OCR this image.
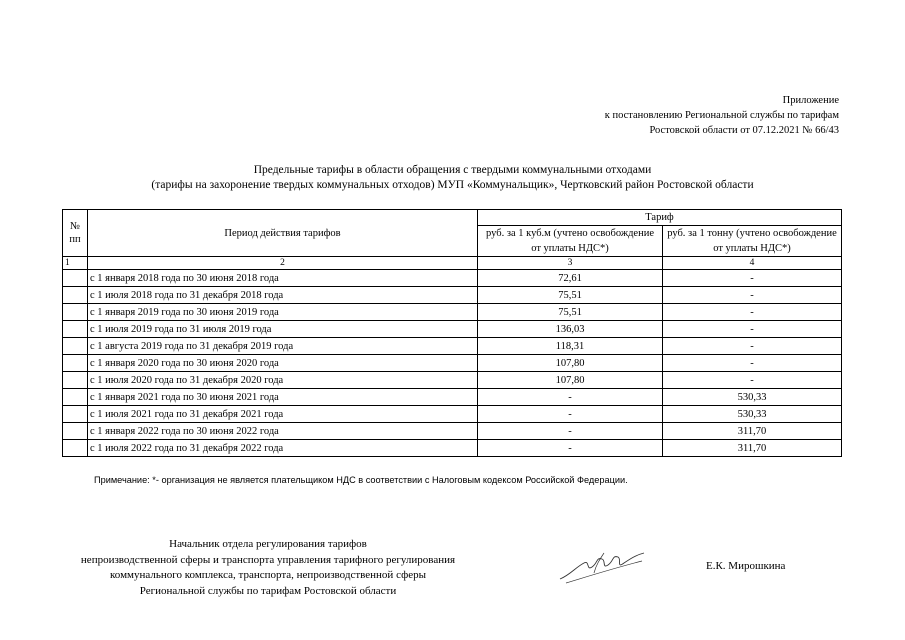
Приложение
к постановлению Региональной службы по тарифам
Ростовской области от 07.12.2021 № 66/43
Предельные тарифы в области обращения с твердыми коммунальными отходами
(тарифы на захоронение твердых коммунальных отходов) МУП «Коммунальщик», Чертковский район Ростовской области
№
пп	Период действия тарифов	Тариф	
		руб. за 1 куб.м (учтено освобождение от уплаты НДС*)	руб. за 1 тонну (учтено освобождение от уплаты НДС*)
1	2	3	4
	с 1 января 2018 года по 30 июня 2018 года	72,61	-
	с 1 июля 2018 года по 31 декабря 2018 года	75,51	-
	с 1 января 2019 года по 30 июня 2019 года	75,51	-
	с 1 июля 2019 года по 31 июля 2019 года	136,03	-
	с 1 августа 2019 года по 31 декабря 2019 года	118,31	-
	с 1 января 2020 года по 30 июня 2020 года	107,80	-
	с 1 июля 2020 года по 31 декабря 2020 года	107,80	-
	с 1 января 2021 года по 30 июня 2021 года	-	530,33
	с 1 июля 2021 года по 31 декабря 2021 года	-	530,33
	с 1 января 2022 года по 30 июня 2022 года	-	311,70
	с 1 июля 2022 года по 31 декабря 2022 года	-	311,70
Примечание: *- организация не является плательщиком НДС в соответствии с Налоговым кодексом Российской Федерации.
Начальник отдела регулирования тарифов
непроизводственной сферы и транспорта управления тарифного регулирования
коммунального комплекса, транспорта, непроизводственной сферы
Региональной службы по тарифам Ростовской области
Е.К. Мирошкина
